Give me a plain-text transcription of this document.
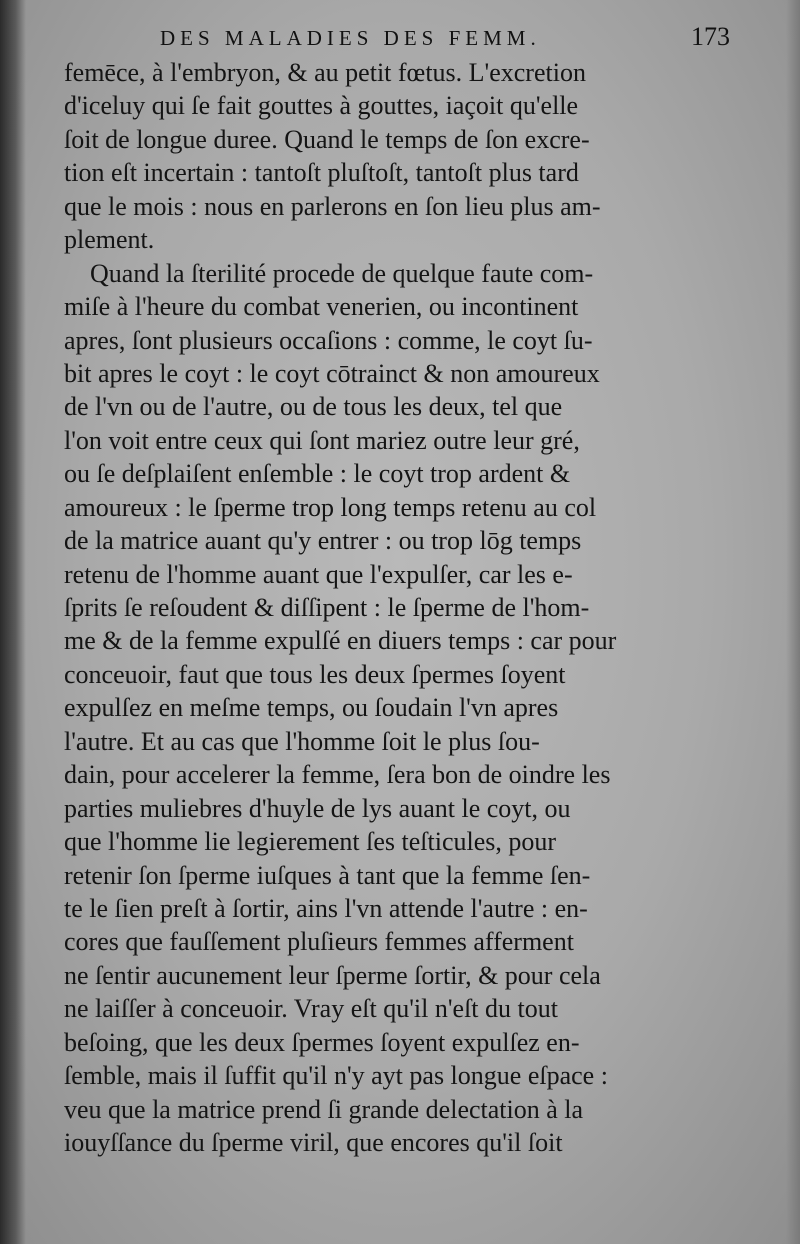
DES MALADIES DES FEMM.	173
femēce, à l'embryon, & au petit fœtus. L'excretion
d'iceluy qui ſe fait gouttes à gouttes, iaçoit qu'elle
ſoit de longue duree. Quand le temps de ſon excre-
tion eſt incertain : tantoſt pluſtoſt, tantoſt plus tard
que le mois : nous en parlerons en ſon lieu plus am-
plement.
Quand la ſterilité procede de quelque faute com-
miſe à l'heure du combat venerien, ou incontinent
apres, ſont plusieurs occaſions : comme, le coyt ſu-
bit apres le coyt : le coyt cōtrainct & non amoureux
de l'vn ou de l'autre, ou de tous les deux, tel que
l'on voit entre ceux qui ſont mariez outre leur gré,
ou ſe deſplaiſent enſemble : le coyt trop ardent &
amoureux : le ſperme trop long temps retenu au col
de la matrice auant qu'y entrer : ou trop lōg temps
retenu de l'homme auant que l'expulſer, car les e-
ſprits ſe reſoudent & diſſipent : le ſperme de l'hom-
me & de la femme expulſé en diuers temps : car pour
conceuoir, faut que tous les deux ſpermes ſoyent
expulſez en meſme temps, ou ſoudain l'vn apres
l'autre. Et au cas que l'homme ſoit le plus ſou-
dain, pour accelerer la femme, ſera bon de oindre les
parties muliebres d'huyle de lys auant le coyt, ou
que l'homme lie legierement ſes teſticules, pour
retenir ſon ſperme iuſques à tant que la femme ſen-
te le ſien preſt à ſortir, ains l'vn attende l'autre : en-
cores que fauſſement pluſieurs femmes afferment
ne ſentir aucunement leur ſperme ſortir, & pour cela
ne laiſſer à conceuoir. Vray eſt qu'il n'eſt du tout
beſoing, que les deux ſpermes ſoyent expulſez en-
ſemble, mais il ſuffit qu'il n'y ayt pas longue eſpace :
veu que la matrice prend ſi grande delectation à la
iouyſſance du ſperme viril, que encores qu'il ſoit
